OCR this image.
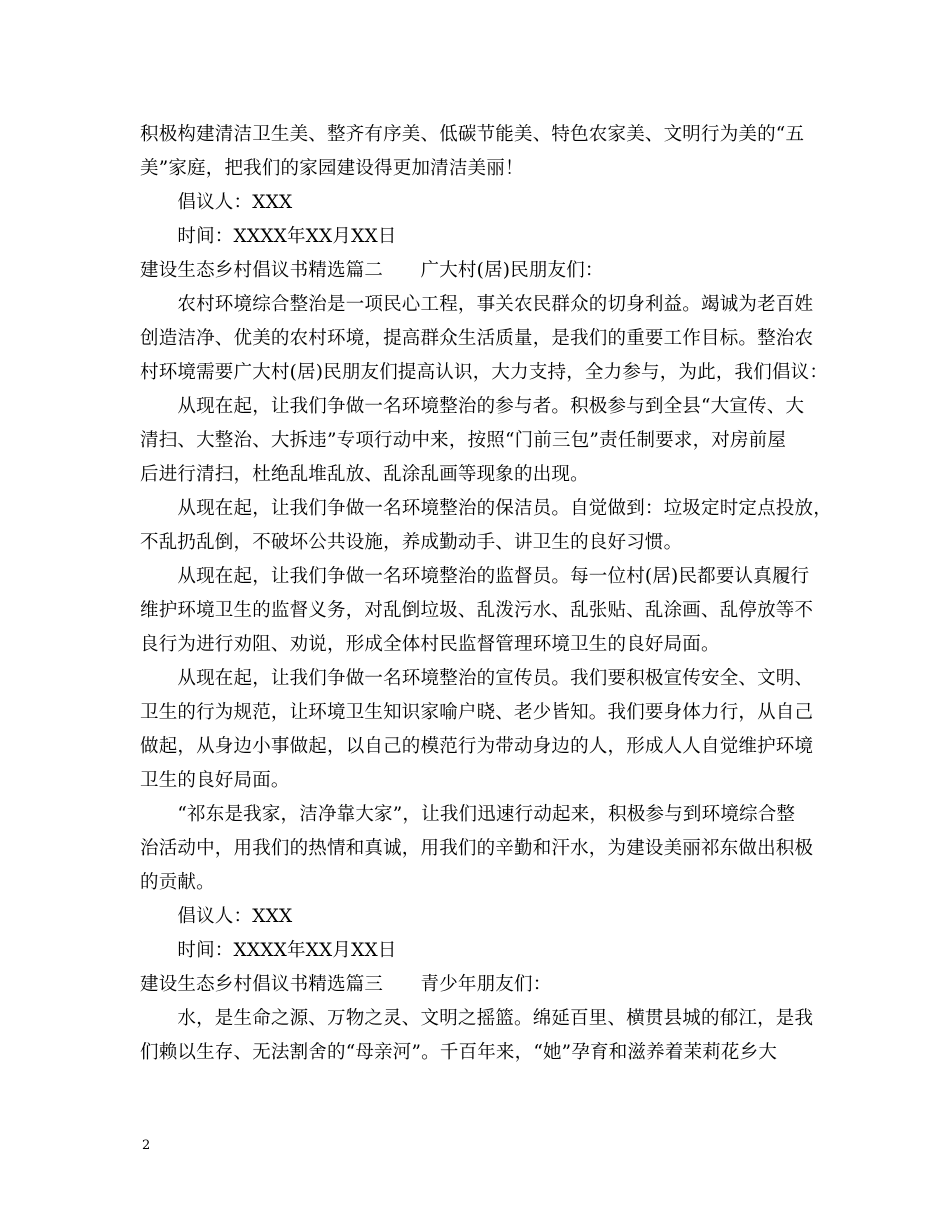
积极构建清洁卫生美、整齐有序美、低碳节能美、特色农家美、文明行为美的“五
美”家庭，把我们的家园建设得更加清洁美丽！
　　倡议人：XXX
　　时间：XXXX年XX月XX日
建设生态乡村倡议书精选篇二　　广大村(居)民朋友们：
　　农村环境综合整治是一项民心工程，事关农民群众的切身利益。竭诚为老百姓
创造洁净、优美的农村环境，提高群众生活质量，是我们的重要工作目标。整治农
村环境需要广大村(居)民朋友们提高认识，大力支持，全力参与，为此，我们倡议：
　　从现在起，让我们争做一名环境整治的参与者。积极参与到全县“大宣传、大
清扫、大整治、大拆违”专项行动中来，按照“门前三包”责任制要求，对房前屋
后进行清扫，杜绝乱堆乱放、乱涂乱画等现象的出现。
　　从现在起，让我们争做一名环境整治的保洁员。自觉做到：垃圾定时定点投放，
不乱扔乱倒，不破坏公共设施，养成勤动手、讲卫生的良好习惯。
　　从现在起，让我们争做一名环境整治的监督员。每一位村(居)民都要认真履行
维护环境卫生的监督义务，对乱倒垃圾、乱泼污水、乱张贴、乱涂画、乱停放等不
良行为进行劝阻、劝说，形成全体村民监督管理环境卫生的良好局面。
　　从现在起，让我们争做一名环境整治的宣传员。我们要积极宣传安全、文明、
卫生的行为规范，让环境卫生知识家喻户晓、老少皆知。我们要身体力行，从自己
做起，从身边小事做起，以自己的模范行为带动身边的人，形成人人自觉维护环境
卫生的良好局面。
　　“祁东是我家，洁净靠大家”，让我们迅速行动起来，积极参与到环境综合整
治活动中，用我们的热情和真诚，用我们的辛勤和汗水，为建设美丽祁东做出积极
的贡献。
　　倡议人：XXX
　　时间：XXXX年XX月XX日
建设生态乡村倡议书精选篇三　　青少年朋友们：
　　水，是生命之源、万物之灵、文明之摇篮。绵延百里、横贯县城的郁江，是我
们赖以生存、无法割舍的“母亲河”。千百年来，“她”孕育和滋养着茉莉花乡大
2
